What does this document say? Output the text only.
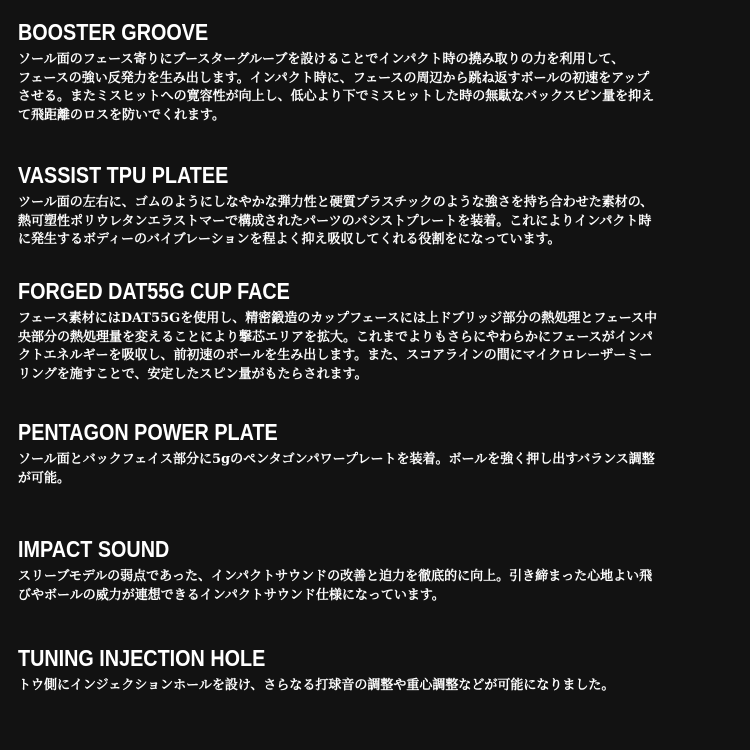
BOOSTER GROOVE
ソール面のフェース寄りにブースターグルーブを設けることでインパクト時の撓み取りの力を利用して、
フェースの強い反発力を生み出します。インパクト時に、フェースの周辺から跳ね返すボールの初速をアップ
させる。またミスヒットへの寛容性が向上し、低心より下でミスヒットした時の無駄なバックスピン量を抑え
て飛距離のロスを防いでくれます。
VASSIST TPU PLATEE
ツール面の左右に、ゴムのようにしなやかな弾力性と硬質プラスチックのような強さを持ち合わせた素材の、
熱可塑性ポリウレタンエラストマーで構成されたパーツのバシストプレートを装着。これによりインパクト時
に発生するボディーのバイブレーションを程よく抑え吸収してくれる役割をになっています。
FORGED DAT55G CUP FACE
フェース素材にはDAT55Gを使用し、精密鍛造のカップフェースには上ドブリッジ部分の熱処理とフェース中
央部分の熱処理量を変えることにより撃芯エリアを拡大。これまでよりもさらにやわらかにフェースがインパ
クトエネルギーを吸収し、前初速のボールを生み出します。また、スコアラインの間にマイクロレーザーミー
リングを施すことで、安定したスピン量がもたらされます。
PENTAGON POWER PLATE
ソール面とバックフェイス部分に5gのペンタゴンパワープレートを装着。ボールを強く押し出すバランス調整
が可能。
IMPACT SOUND
スリーブモデルの弱点であった、インパクトサウンドの改善と迫力を徹底的に向上。引き締まった心地よい飛
びやボールの威力が連想できるインパクトサウンド仕様になっています。
TUNING INJECTION HOLE
トウ側にインジェクションホールを設け、さらなる打球音の調整や重心調整などが可能になりました。
